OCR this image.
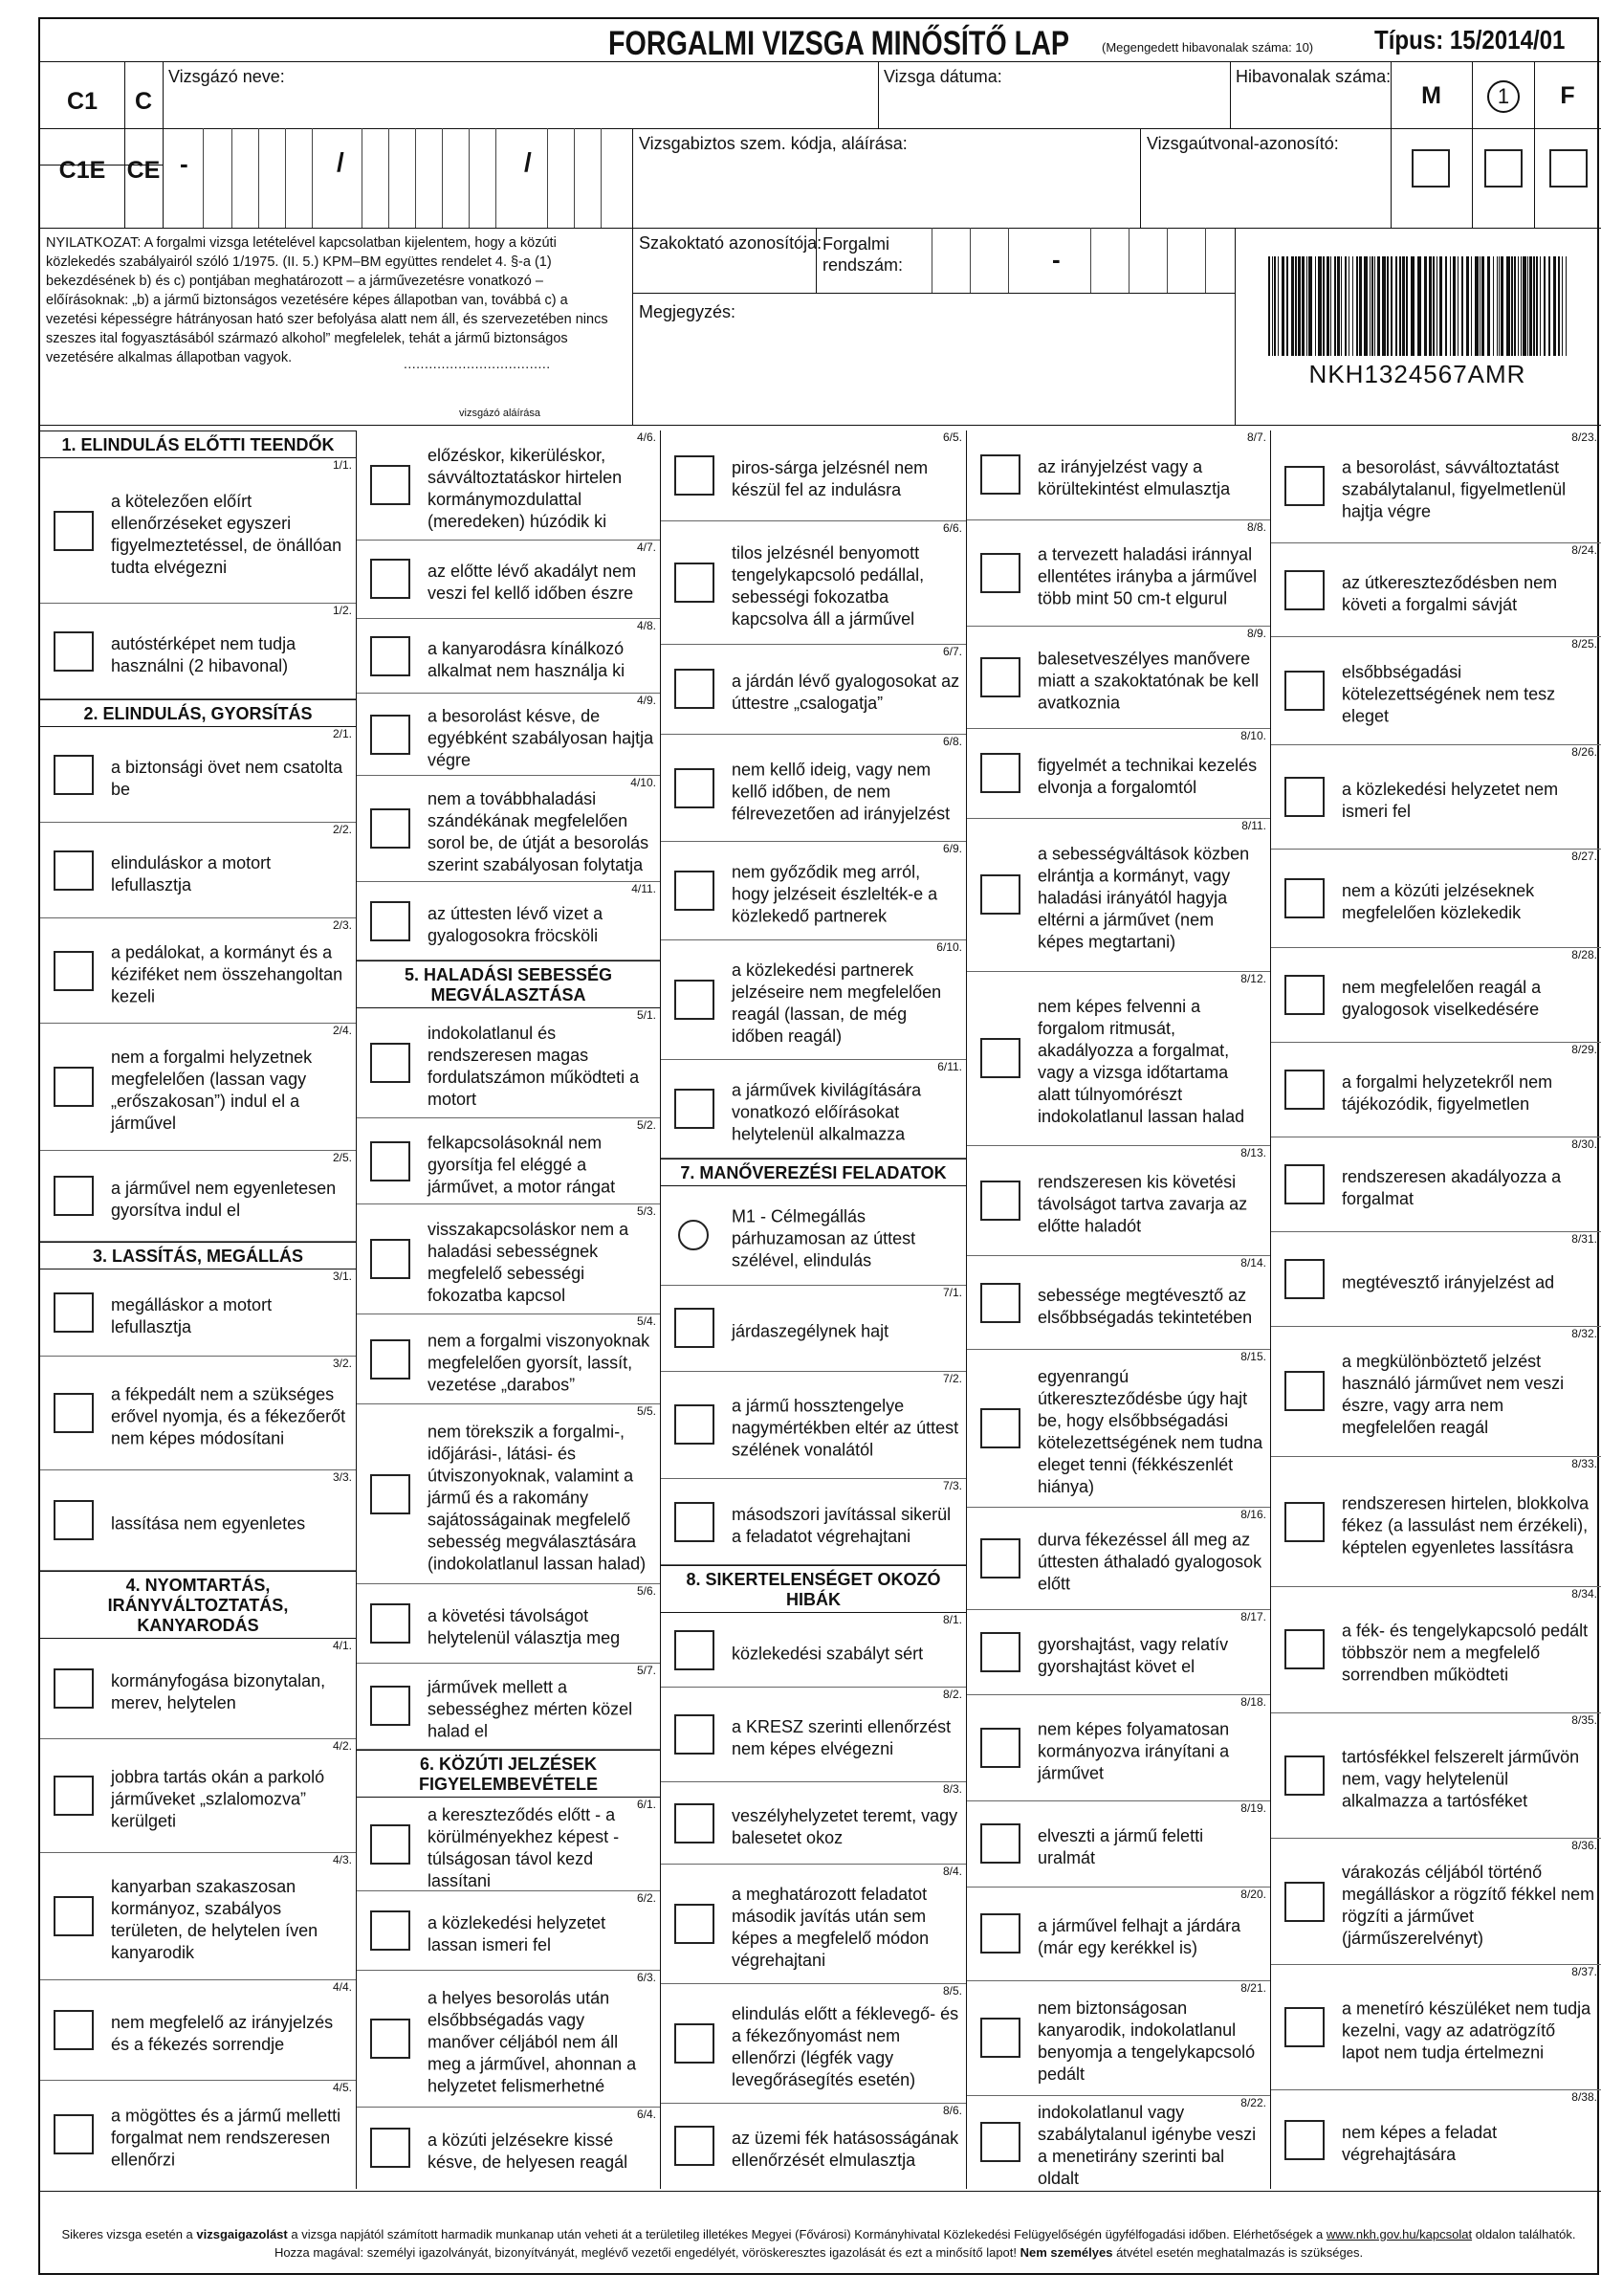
FORGALMI VIZSGA MINŐSÍTŐ LAP	(Megengedett hibavonalak száma: 10) Típus: 15/2014/01
C1	C
C1E CE
Vizsgázó neve:	Vizsga dátuma:	Hibavonalak száma:
M	1	F
-	/	/
Vizsgabiztos szem. kódja, aláírása:	Vizsgaútvonal-azonosító:
NYILATKOZAT: A forgalmi vizsga letételével kapcsolatban kijelentem, hogy a közúti közlekedés szabályairól szóló 1/1975. (II. 5.) KPM–BM együttes rendelet 4. §-a (1) bekezdésének b) és c) pontjában meghatározott – a járművezetésre vonatkozó – előírásoknak: „b) a jármű biztonságos vezetésére képes állapotban van, továbbá c) a vezetési képességre hátrányosan ható szer befolyása alatt nem áll, és szervezetében nincs szeszes ital fogyasztásából származó alkohol” megfelelek, tehát a jármű biztonságos vezetésére alkalmas állapotban vagyok.	...................................
vizsgázó aláírása
Szakoktató azonosítója: Forgalmi rendszám:	-
Megjegyzés:
NKH1324567AMR
1. ELINDULÁS ELŐTTI TEENDŐK
1/1.
a kötelezően előírt ellenőrzéseket egyszeri figyelmeztetéssel, de önállóan tudta elvégezni
1/2.
autóstérképet nem tudja használni (2 hibavonal)
2. ELINDULÁS, GYORSÍTÁS
2/1.
a biztonsági övet nem csatolta be
2/2.
elinduláskor a motort lefullasztja
2/3.
a pedálokat, a kormányt és a kéziféket nem összehangoltan kezeli
2/4.
nem a forgalmi helyzetnek megfelelően (lassan vagy „erőszakosan”) indul el a járművel
2/5.
a járművel nem egyenletesen gyorsítva indul el
3. LASSÍTÁS, MEGÁLLÁS
3/1.
megálláskor a motort lefullasztja
3/2.
a fékpedált nem a szükséges erővel nyomja, és a fékezőerőt nem képes módosítani
3/3.
lassítása nem egyenletes
4. NYOMTARTÁS, IRÁNYVÁLTOZTATÁS, KANYARODÁS
4/1.
kormányfogása bizonytalan, merev, helytelen
4/2.
jobbra tartás okán a parkoló járműveket „szlalomozva” kerülgeti
4/3.
kanyarban szakaszosan kormányoz, szabályos területen, de helytelen íven kanyarodik
4/4.
nem megfelelő az irányjelzés és a fékezés sorrendje
4/5.
a mögöttes és a jármű melletti forgalmat nem rendszeresen ellenőrzi
4/6.
előzéskor, kikerüléskor, sávváltoztatáskor hirtelen kormánymozdulattal (meredeken) húzódik ki
4/7.
az előtte lévő akadályt nem veszi fel kellő időben észre
4/8.
a kanyarodásra kínálkozó alkalmat nem használja ki
4/9.
a besorolást késve, de egyébként szabályosan hajtja végre
4/10.
nem a továbbhaladási szándékának megfelelően sorol be, de útját a besorolás szerint szabályosan folytatja
4/11.
az úttesten lévő vizet a gyalogosokra fröcsköli
5. HALADÁSI SEBESSÉG MEGVÁLASZTÁSA
5/1.
indokolatlanul és rendszeresen magas fordulatszámon működteti a motort
5/2.
felkapcsolásoknál nem gyorsítja fel eléggé a járművet, a motor rángat
5/3.
visszakapcsoláskor nem a haladási sebességnek megfelelő sebességi fokozatba kapcsol
5/4.
nem a forgalmi viszonyoknak megfelelően gyorsít, lassít, vezetése „darabos”
5/5.
nem törekszik a forgalmi-, időjárási-, látási- és útviszonyoknak, valamint a jármű és a rakomány sajátosságainak megfelelő sebesség megválasztására (indokolatlanul lassan halad)
5/6.
a követési távolságot helytelenül választja meg
5/7.
járművek mellett a sebességhez mérten közel halad el
6. KÖZÚTI JELZÉSEK FIGYELEMBEVÉTELE
6/1.
a kereszteződés előtt - a körülményekhez képest - túlságosan távol kezd lassítani
6/2.
a közlekedési helyzetet lassan ismeri fel
6/3.
a helyes besorolás után elsőbbségadás vagy manőver céljából nem áll meg a járművel, ahonnan a helyzetet felismerhetné
6/4.
a közúti jelzésekre kissé késve, de helyesen reagál
6/5.
piros-sárga jelzésnél nem készül fel az indulásra
6/6.
tilos jelzésnél benyomott tengelykapcsoló pedállal, sebességi fokozatba kapcsolva áll a járművel
6/7.
a járdán lévő gyalogosokat az úttestre „csalogatja”
6/8.
nem kellő ideig, vagy nem kellő időben, de nem félrevezetően ad irányjelzést
6/9.
nem győződik meg arról, hogy jelzéseit észlelték-e a közlekedő partnerek
6/10.
a közlekedési partnerek jelzéseire nem megfelelően reagál (lassan, de még időben reagál)
6/11.
a járművek kivilágítására vonatkozó előírásokat helytelenül alkalmazza
7. MANŐVEREZÉSI FELADATOK
M1 - Célmegállás párhuzamosan az úttest szélével, elindulás
7/1.
járdaszegélynek hajt
7/2.
a jármű hossztengelye nagymértékben eltér az úttest szélének vonalától
7/3.
másodszori javítással sikerül a feladatot végrehajtani
8. SIKERTELENSÉGET OKOZÓ HIBÁK
8/1.
közlekedési szabályt sért
8/2.
a KRESZ szerinti ellenőrzést nem képes elvégezni
8/3.
veszélyhelyzetet teremt, vagy balesetet okoz
8/4.
a meghatározott feladatot második javítás után sem képes a megfelelő módon végrehajtani
8/5.
elindulás előtt a féklevegő- és a fékezőnyomást nem ellenőrzi (légfék vagy levegőrásegítés esetén)
8/6.
az üzemi fék hatásosságának ellenőrzését elmulasztja
8/7.
az irányjelzést vagy a körültekintést elmulasztja
8/8.
a tervezett haladási iránnyal ellentétes irányba a járművel több mint 50 cm-t elgurul
8/9.
balesetveszélyes manővere miatt a szakoktatónak be kell avatkoznia
8/10.
figyelmét a technikai kezelés elvonja a forgalomtól
8/11.
a sebességváltások közben elrántja a kormányt, vagy haladási irányától hagyja eltérni a járművet (nem képes megtartani)
8/12.
nem képes felvenni a forgalom ritmusát, akadályozza a forgalmat, vagy a vizsga időtartama alatt túlnyomórészt indokolatlanul lassan halad
8/13.
rendszeresen kis követési távolságot tartva zavarja az előtte haladót
8/14.
sebessége megtévesztő az elsőbbségadás tekintetében
8/15.
egyenrangú útkereszteződésbe úgy hajt be, hogy elsőbbségadási kötelezettségének nem tudna eleget tenni (fékkészenlét hiánya)
8/16.
durva fékezéssel áll meg az úttesten áthaladó gyalogosok előtt
8/17.
gyorshajtást, vagy relatív gyorshajtást követ el
8/18.
nem képes folyamatosan kormányozva irányítani a járművet
8/19.
elveszti a jármű feletti uralmát
8/20.
a járművel felhajt a járdára (már egy kerékkel is)
8/21.
nem biztonságosan kanyarodik, indokolatlanul benyomja a tengelykapcsoló pedált
8/22.
indokolatlanul vagy szabálytalanul igénybe veszi a menetirány szerinti bal oldalt
8/23.
a besorolást, sávváltoztatást szabálytalanul, figyelmetlenül hajtja végre
8/24.
az útkereszteződésben nem követi a forgalmi sávját
8/25.
elsőbbségadási kötelezettségének nem tesz eleget
8/26.
a közlekedési helyzetet nem ismeri fel
8/27.
nem a közúti jelzéseknek megfelelően közlekedik
8/28.
nem megfelelően reagál a gyalogosok viselkedésére
8/29.
a forgalmi helyzetekről nem tájékozódik, figyelmetlen
8/30.
rendszeresen akadályozza a forgalmat
8/31.
megtévesztő irányjelzést ad
8/32.
a megkülönböztető jelzést használó járművet nem veszi észre, vagy arra nem megfelelően reagál
8/33.
rendszeresen hirtelen, blokkolva fékez (a lassulást nem érzékeli), képtelen egyenletes lassításra
8/34.
a fék- és tengelykapcsoló pedált többször nem a megfelelő sorrendben működteti
8/35.
tartósfékkel felszerelt járművön nem, vagy helytelenül alkalmazza a tartósféket
8/36.
várakozás céljából történő megálláskor a rögzítő fékkel nem rögzíti a járművet (járműszerelvényt)
8/37.
a menetíró készüléket nem tudja kezelni, vagy az adatrögzítő lapot nem tudja értelmezni
8/38.
nem képes a feladat végrehajtására
Sikeres vizsga esetén a vizsgaigazolást a vizsga napjától számított harmadik munkanap után veheti át a területileg illetékes Megyei (Fővárosi) Kormányhivatal Közlekedési Felügyelőségén ügyfélfogadási időben. Elérhetőségek a www.nkh.gov.hu/kapcsolat oldalon találhatók. Hozza magával: személyi igazolványát, bizonyítványát, meglévő vezetői engedélyét, vöröskeresztes igazolását és ezt a minősítő lapot! Nem személyes átvétel esetén meghatalmazás is szükséges.
